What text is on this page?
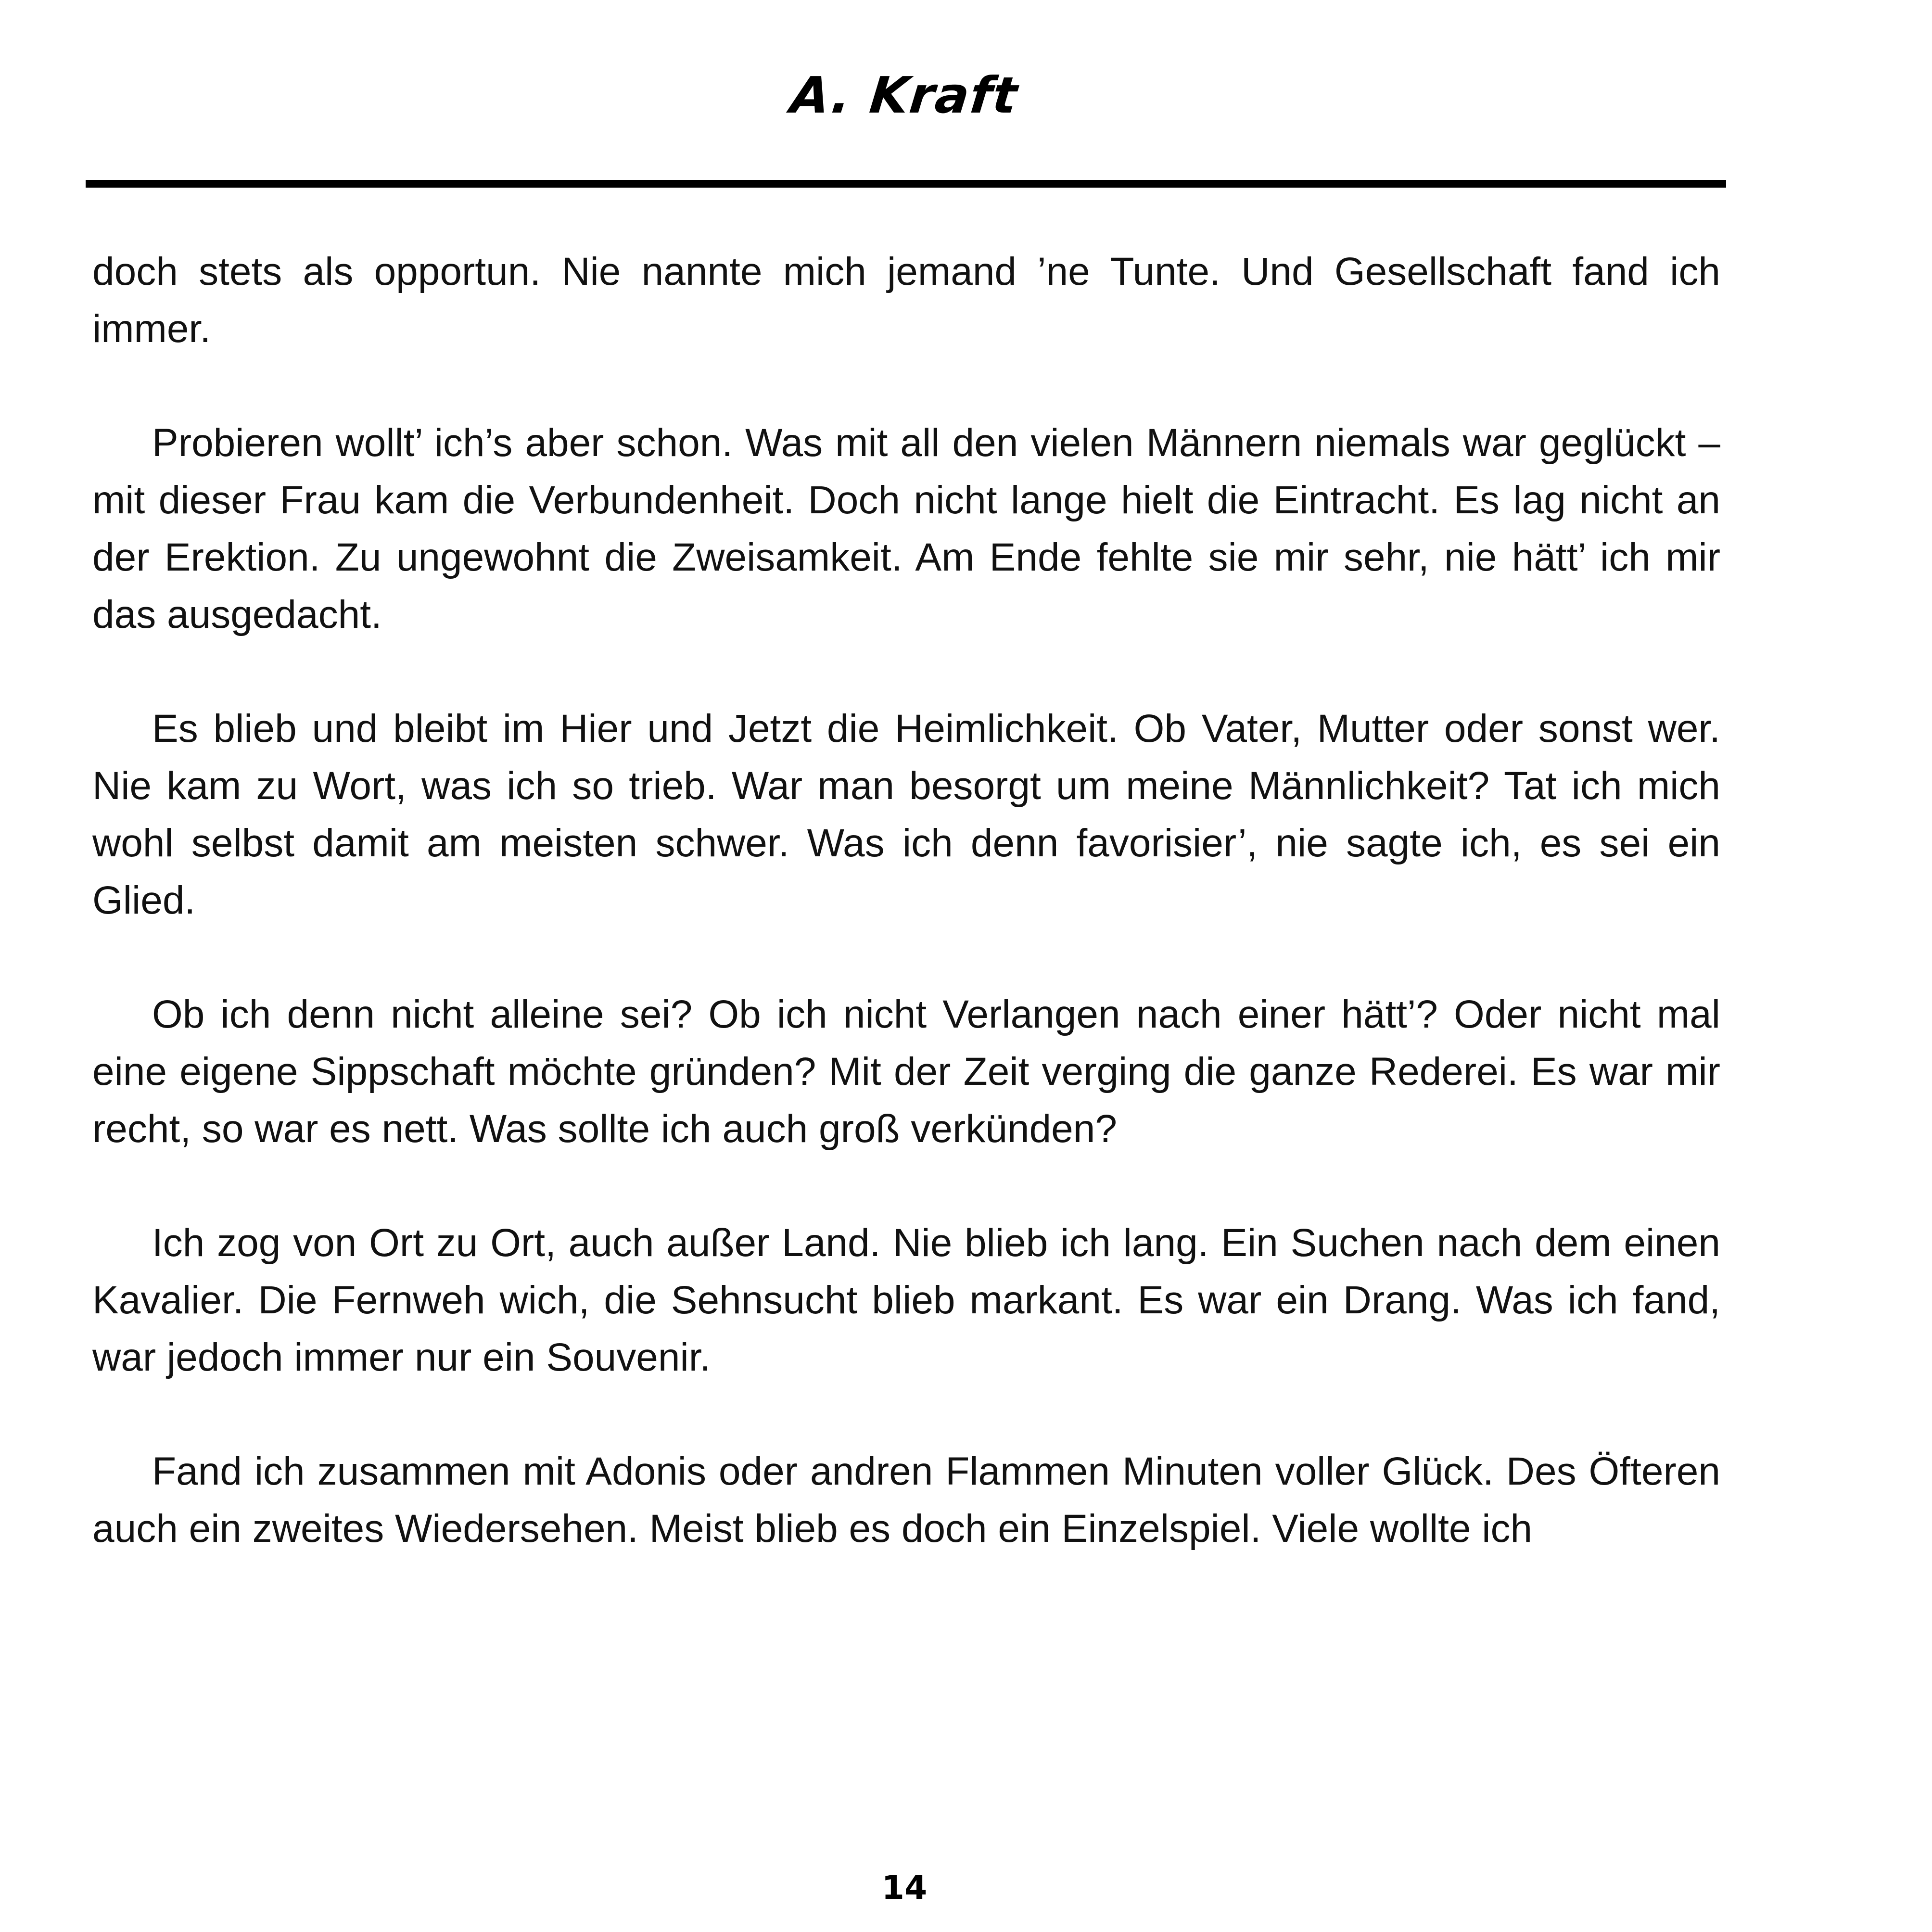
A. Kraft

doch stets als opportun. Nie nannte mich jemand ’ne Tunte. Und Gesellschaft fand ich immer.

Probieren wollt’ ich’s aber schon. Was mit all den vielen Männern niemals war geglückt – mit dieser Frau kam die Verbundenheit. Doch nicht lange hielt die Eintracht. Es lag nicht an der Erektion. Zu ungewohnt die Zweisamkeit. Am Ende fehlte sie mir sehr, nie hätt’ ich mir das ausgedacht.

Es blieb und bleibt im Hier und Jetzt die Heimlichkeit. Ob Vater, Mutter oder sonst wer. Nie kam zu Wort, was ich so trieb. War man besorgt um meine Männlichkeit? Tat ich mich wohl selbst damit am meisten schwer. Was ich denn favorisier’, nie sagte ich, es sei ein Glied.

Ob ich denn nicht alleine sei? Ob ich nicht Verlangen nach einer hätt’? Oder nicht mal eine eigene Sippschaft möchte gründen? Mit der Zeit verging die ganze Rederei. Es war mir recht, so war es nett. Was sollte ich auch groß verkünden?

Ich zog von Ort zu Ort, auch außer Land. Nie blieb ich lang. Ein Suchen nach dem einen Kavalier. Die Fernweh wich, die Sehnsucht blieb markant. Es war ein Drang. Was ich fand, war jedoch immer nur ein Souvenir.

Fand ich zusammen mit Adonis oder andren Flammen Minuten voller Glück. Des Öfteren auch ein zweites Wiedersehen. Meist blieb es doch ein Einzelspiel. Viele wollte ich

14
